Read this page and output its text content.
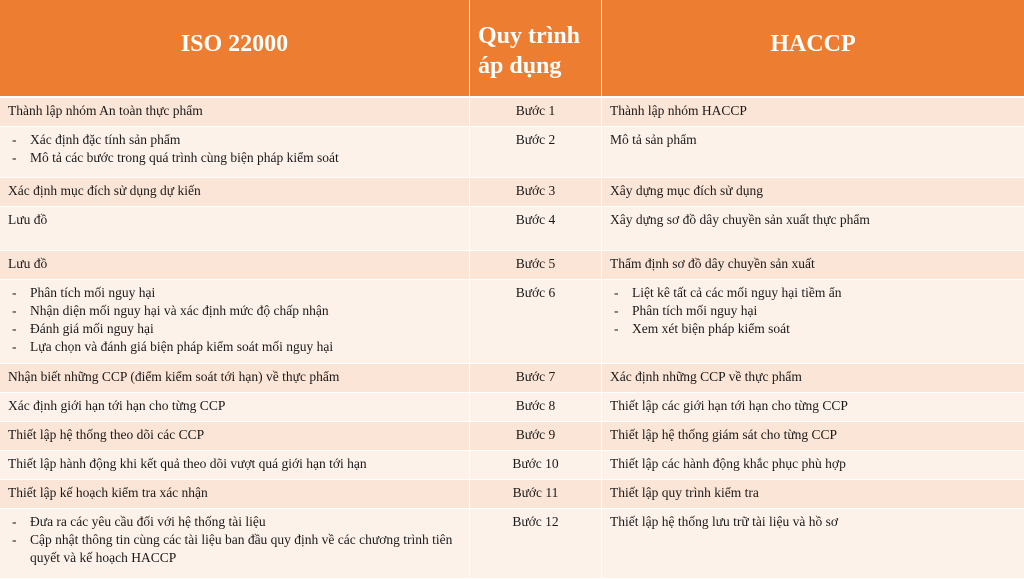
ISO 22000	Quy trình
áp dụng
HACCP
Thành lập nhóm An toàn thực phẩm	Bước 1	Thành lập nhóm HACCP
- Xác định đặc tính sản phẩm
- Mô tả các bước trong quá trình cùng biện pháp kiểm soát
Bước 2	Mô tả sản phẩm
Xác định mục đích sử dụng dự kiến	Bước 3	Xây dựng mục đích sử dụng
Lưu đồ	Bước 4	Xây dựng sơ đồ dây chuyền sản xuất thực phẩm
Lưu đồ	Bước 5	Thẩm định sơ đồ dây chuyền sản xuất
- Phân tích mối nguy hại
- Nhận diện mối nguy hại và xác định mức độ chấp nhận
- Đánh giá mối nguy hại
- Lựa chọn và đánh giá biện pháp kiểm soát mối nguy hại
Bước 6
-	Liệt kê tất cả các mối nguy hại tiềm ẩn
- Phân tích mối nguy hại
- Xem xét biện pháp kiểm soát
Nhận biết những CCP (điểm kiểm soát tới hạn) về thực phẩm	Bước 7	Xác định những CCP về thực phẩm
Xác định giới hạn tới hạn cho từng CCP	Bước 8	Thiết lập các giới hạn tới hạn cho từng CCP
Thiết lập hệ thống theo dõi các CCP	Bước 9	Thiết lập hệ thống giám sát cho từng CCP
Thiết lập hành động khi kết quả theo dõi vượt quá giới hạn tới hạn	Bước 10	Thiết lập các hành động khắc phục phù hợp
Thiết lập kế hoạch kiểm tra xác nhận	Bước 11	Thiết lập quy trình kiểm tra
- Đưa ra các yêu cầu đối với hệ thống tài liệu
- Cập nhật thông tin cùng các tài liệu ban đầu quy định về các chương trình tiên quyết và kế hoạch HACCP
Bước 12	Thiết lập hệ thống lưu trữ tài liệu và hồ sơ
